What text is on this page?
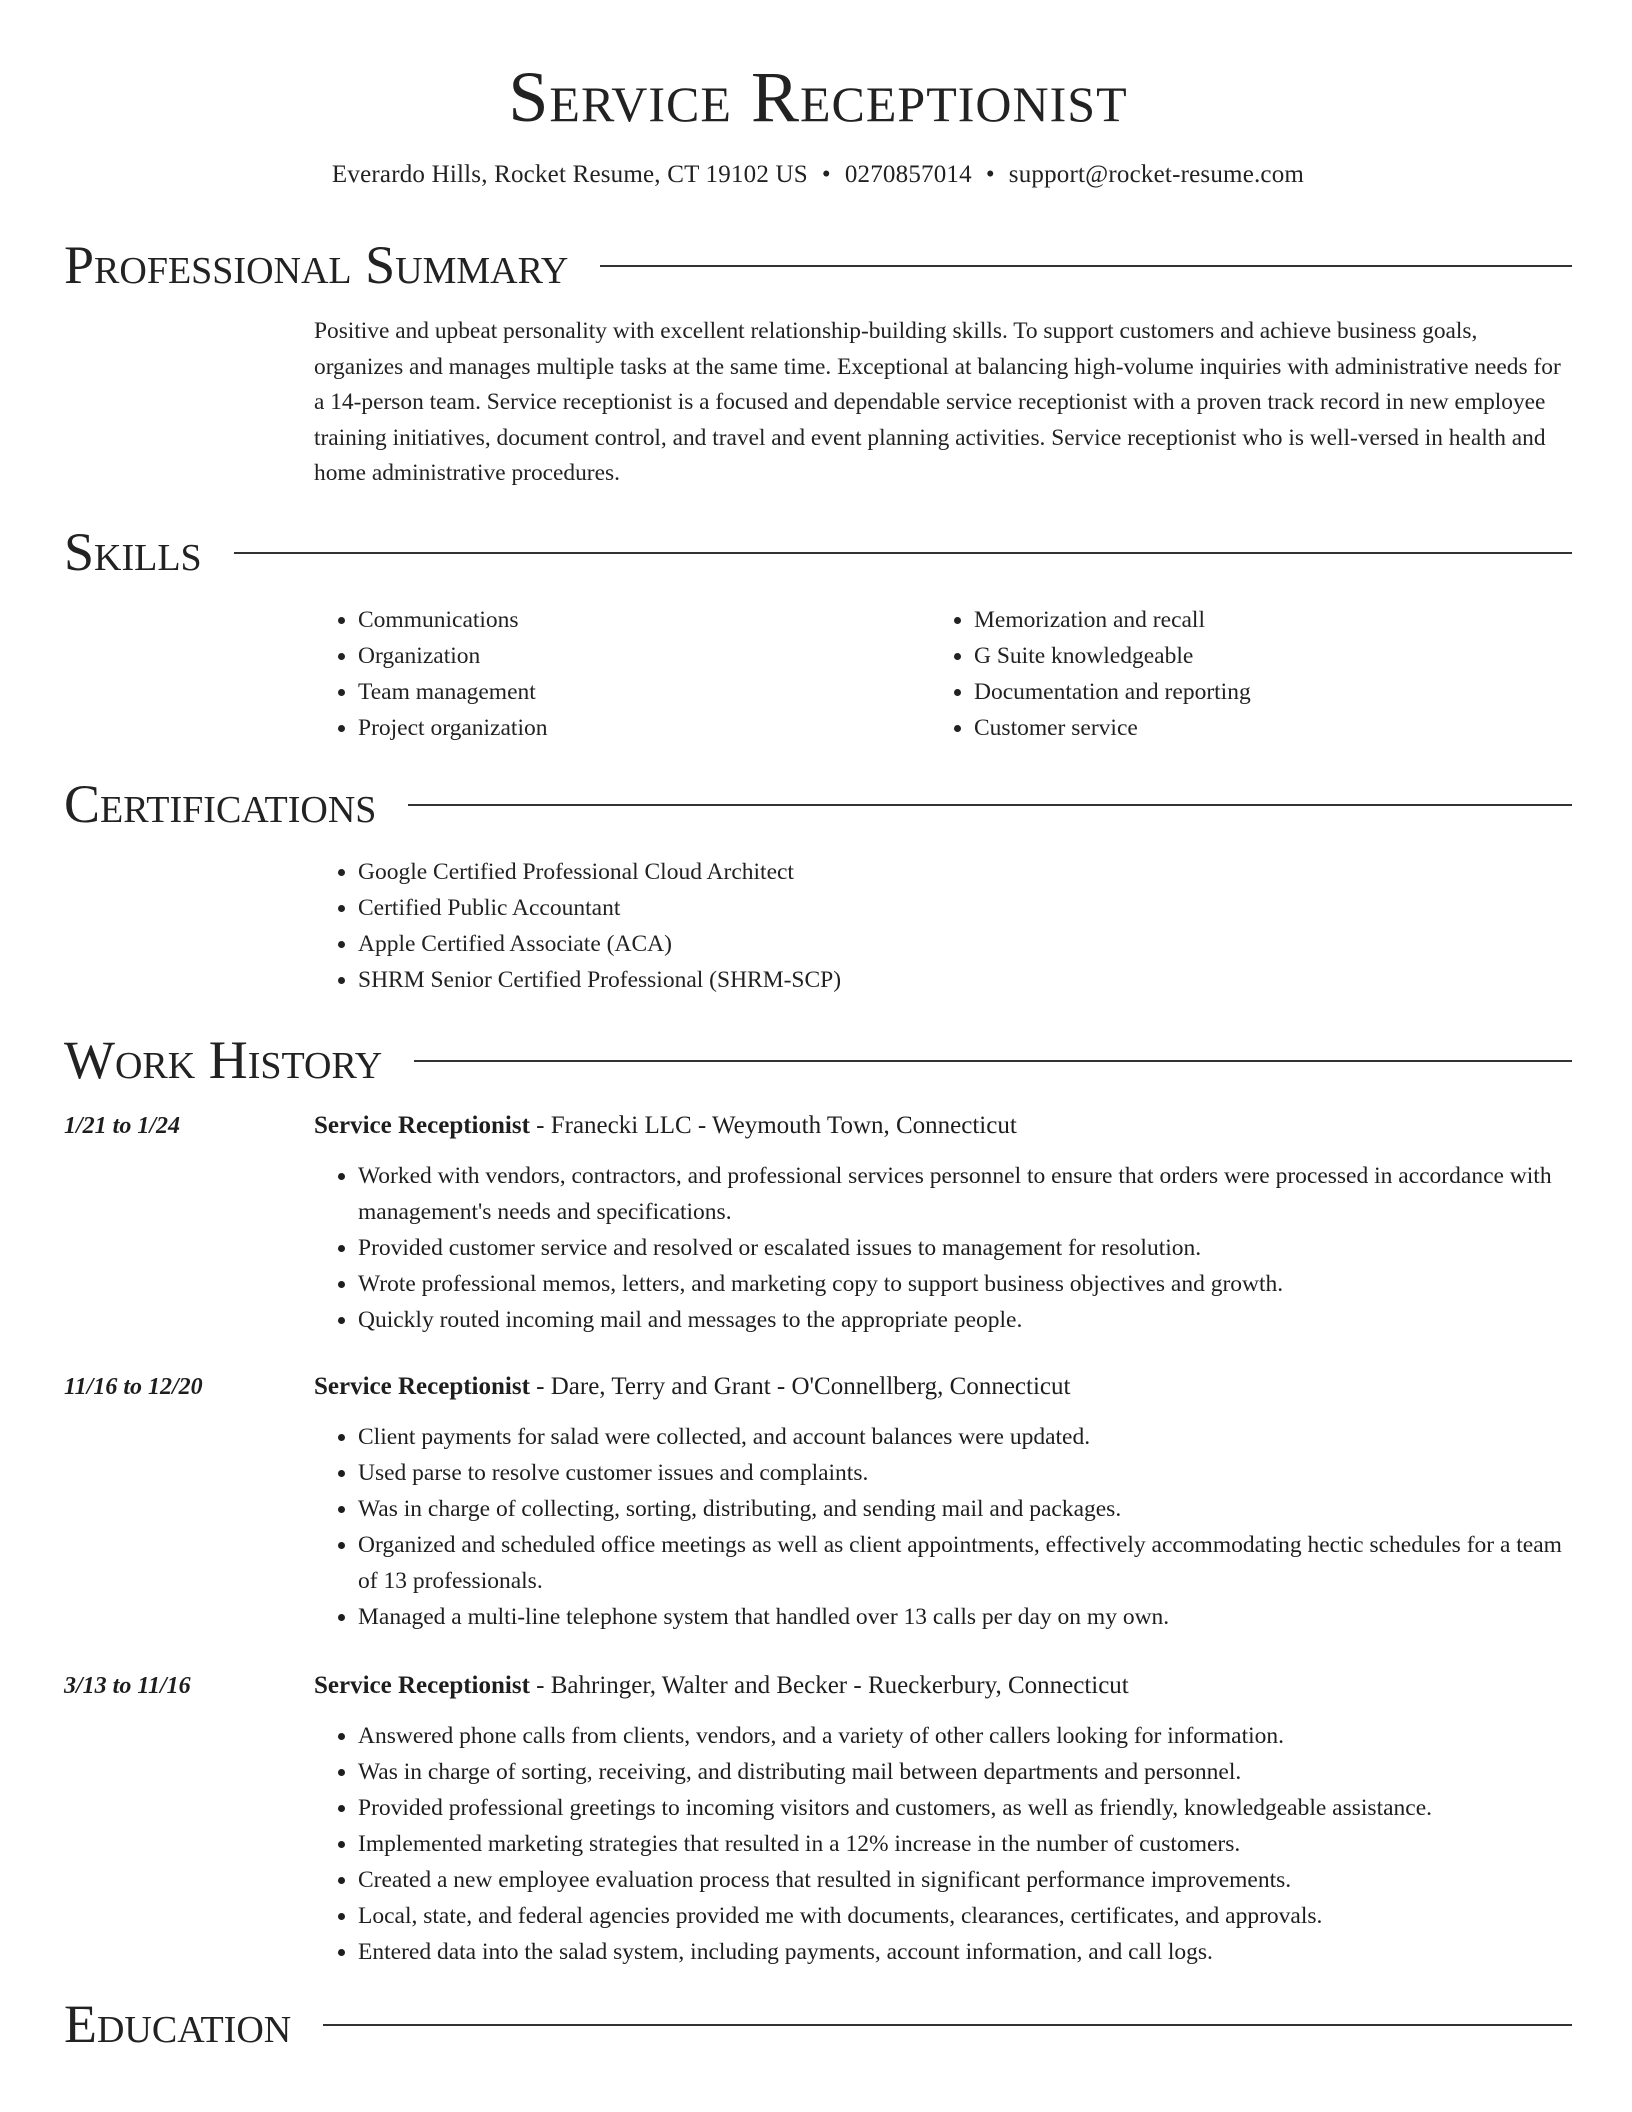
Service Receptionist
Everardo Hills, Rocket Resume, CT 19102 US • 0270857014 • support@rocket-resume.com
Professional Summary
Positive and upbeat personality with excellent relationship-building skills. To support customers and achieve business goals, organizes and manages multiple tasks at the same time. Exceptional at balancing high-volume inquiries with administrative needs for a 14-person team. Service receptionist is a focused and dependable service receptionist with a proven track record in new employee training initiatives, document control, and travel and event planning activities. Service receptionist who is well-versed in health and home administrative procedures.
Skills
• Communications
• Organization
• Team management
• Project organization
• Memorization and recall
• G Suite knowledgeable
• Documentation and reporting
• Customer service
Certifications
• Google Certified Professional Cloud Architect
• Certified Public Accountant
• Apple Certified Associate (ACA)
• SHRM Senior Certified Professional (SHRM-SCP)
Work History
1/21 to 1/24	Service Receptionist - Franecki LLC - Weymouth Town, Connecticut
• Worked with vendors, contractors, and professional services personnel to ensure that orders were processed in accordance with management's needs and specifications.
• Provided customer service and resolved or escalated issues to management for resolution.
• Wrote professional memos, letters, and marketing copy to support business objectives and growth.
• Quickly routed incoming mail and messages to the appropriate people.
11/16 to 12/20	Service Receptionist - Dare, Terry and Grant - O'Connellberg, Connecticut
• Client payments for salad were collected, and account balances were updated.
• Used parse to resolve customer issues and complaints.
• Was in charge of collecting, sorting, distributing, and sending mail and packages.
• Organized and scheduled office meetings as well as client appointments, effectively accommodating hectic schedules for a team of 13 professionals.
• Managed a multi-line telephone system that handled over 13 calls per day on my own.
3/13 to 11/16	Service Receptionist - Bahringer, Walter and Becker - Rueckerbury, Connecticut
• Answered phone calls from clients, vendors, and a variety of other callers looking for information.
• Was in charge of sorting, receiving, and distributing mail between departments and personnel.
• Provided professional greetings to incoming visitors and customers, as well as friendly, knowledgeable assistance.
• Implemented marketing strategies that resulted in a 12% increase in the number of customers.
• Created a new employee evaluation process that resulted in significant performance improvements.
• Local, state, and federal agencies provided me with documents, clearances, certificates, and approvals.
• Entered data into the salad system, including payments, account information, and call logs.
Education
